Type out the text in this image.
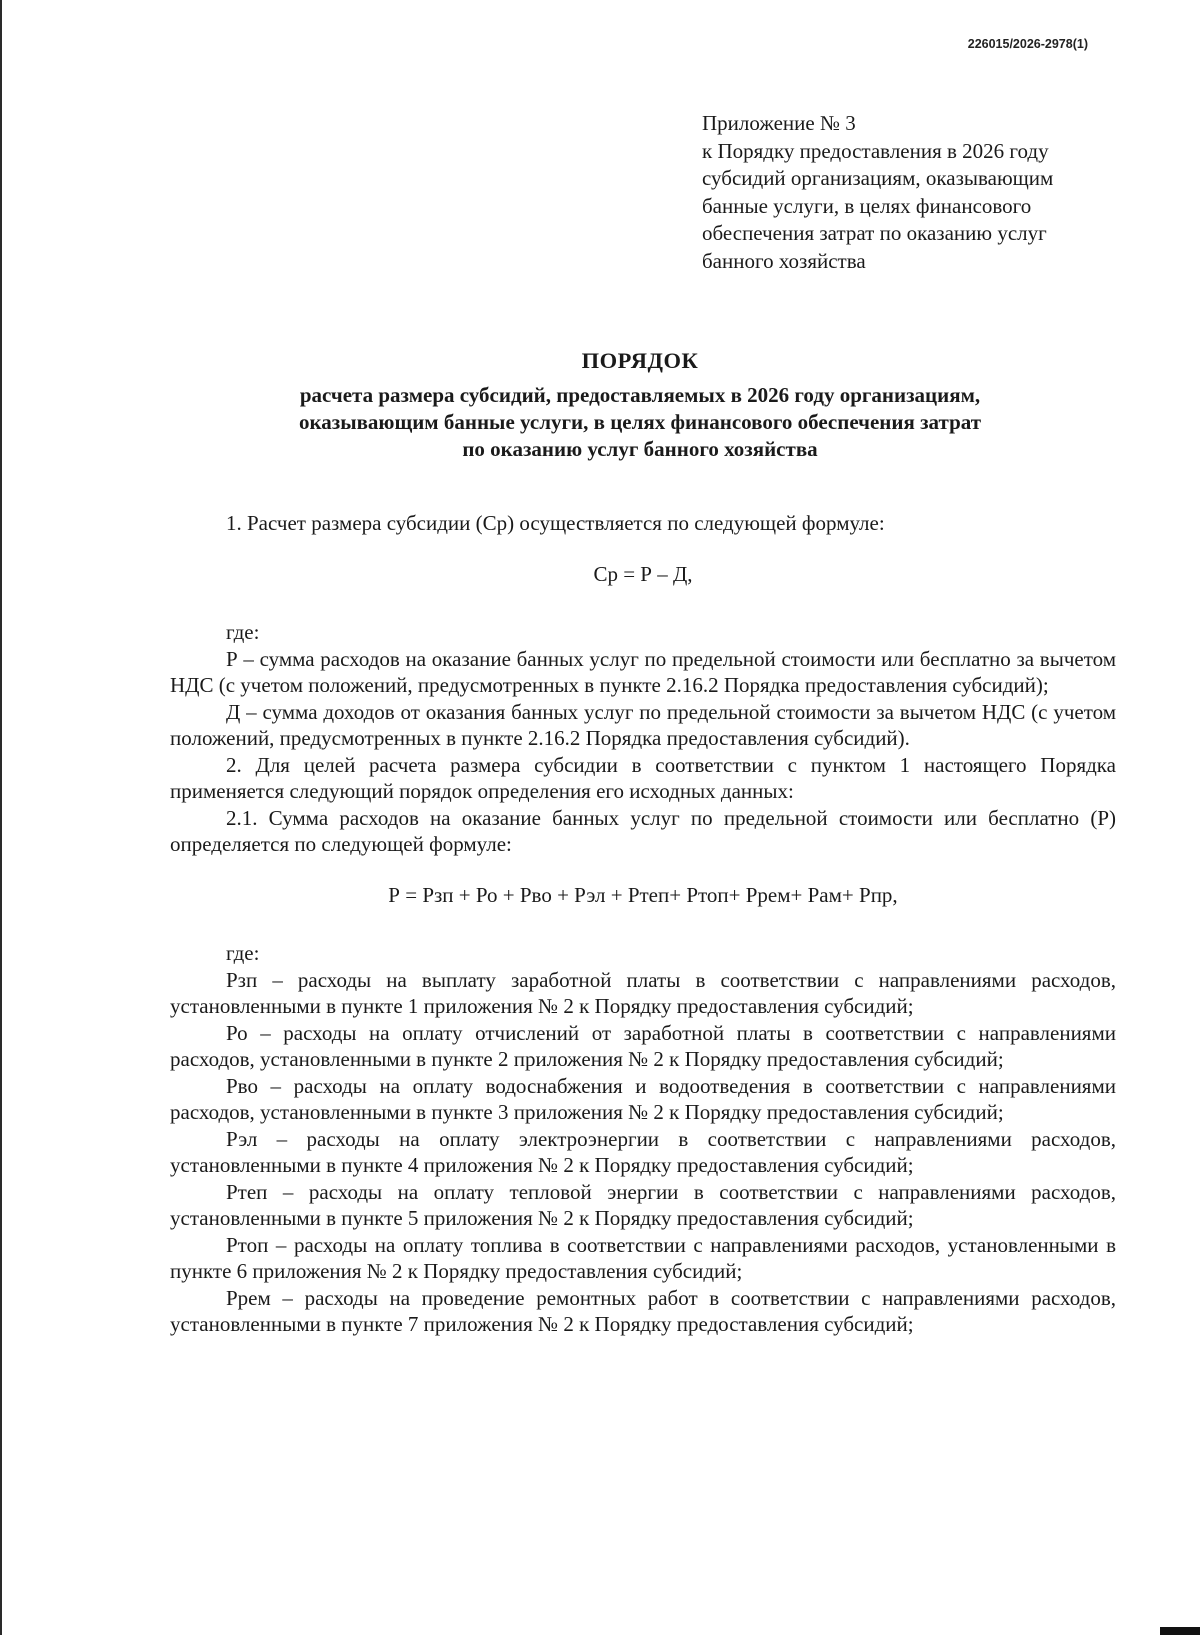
226015/2026-2978(1)
Приложение № 3
к Порядку предоставления в 2026 году
субсидий организациям, оказывающим
банные услуги, в целях финансового
обеспечения затрат по оказанию услуг
банного хозяйства
ПОРЯДОК
расчета размера субсидий, предоставляемых в 2026 году организациям,
оказывающим банные услуги, в целях финансового обеспечения затрат
по оказанию услуг банного хозяйства

1. Расчет размера субсидии (Ср) осуществляется по следующей формуле:

Ср = Р – Д,

где:

Р – сумма расходов на оказание банных услуг по предельной стоимости или бесплатно за вычетом НДС (с учетом положений, предусмотренных в пункте 2.16.2 Порядка предоставления субсидий);

Д – сумма доходов от оказания банных услуг по предельной стоимости за вычетом НДС (с учетом положений, предусмотренных в пункте 2.16.2 Порядка предоставления субсидий).

2. Для целей расчета размера субсидии в соответствии с пунктом 1 настоящего Порядка применяется следующий порядок определения его исходных данных:

2.1. Сумма расходов на оказание банных услуг по предельной стоимости или бесплатно (Р) определяется по следующей формуле:

Р = Рзп + Ро + Рво + Рэл + Ртеп+ Ртоп+ Ррем+ Рам+ Рпр,

где:

Рзп – расходы на выплату заработной платы в соответствии с направлениями расходов, установленными в пункте 1 приложения № 2 к Порядку предоставления субсидий;

Ро – расходы на оплату отчислений от заработной платы в соответствии с направлениями расходов, установленными в пункте 2 приложения № 2 к Порядку предоставления субсидий;

Рво – расходы на оплату водоснабжения и водоотведения в соответствии с направлениями расходов, установленными в пункте 3 приложения № 2 к Порядку предоставления субсидий;

Рэл – расходы на оплату электроэнергии в соответствии с направлениями расходов, установленными в пункте 4 приложения № 2 к Порядку предоставления субсидий;

Ртеп – расходы на оплату тепловой энергии в соответствии с направлениями расходов, установленными в пункте 5 приложения № 2 к Порядку предоставления субсидий;

Ртоп – расходы на оплату топлива в соответствии с направлениями расходов, установленными в пункте 6 приложения № 2 к Порядку предоставления субсидий;

Ррем – расходы на проведение ремонтных работ в соответствии с направлениями расходов, установленными в пункте 7 приложения № 2 к Порядку предоставления субсидий;
